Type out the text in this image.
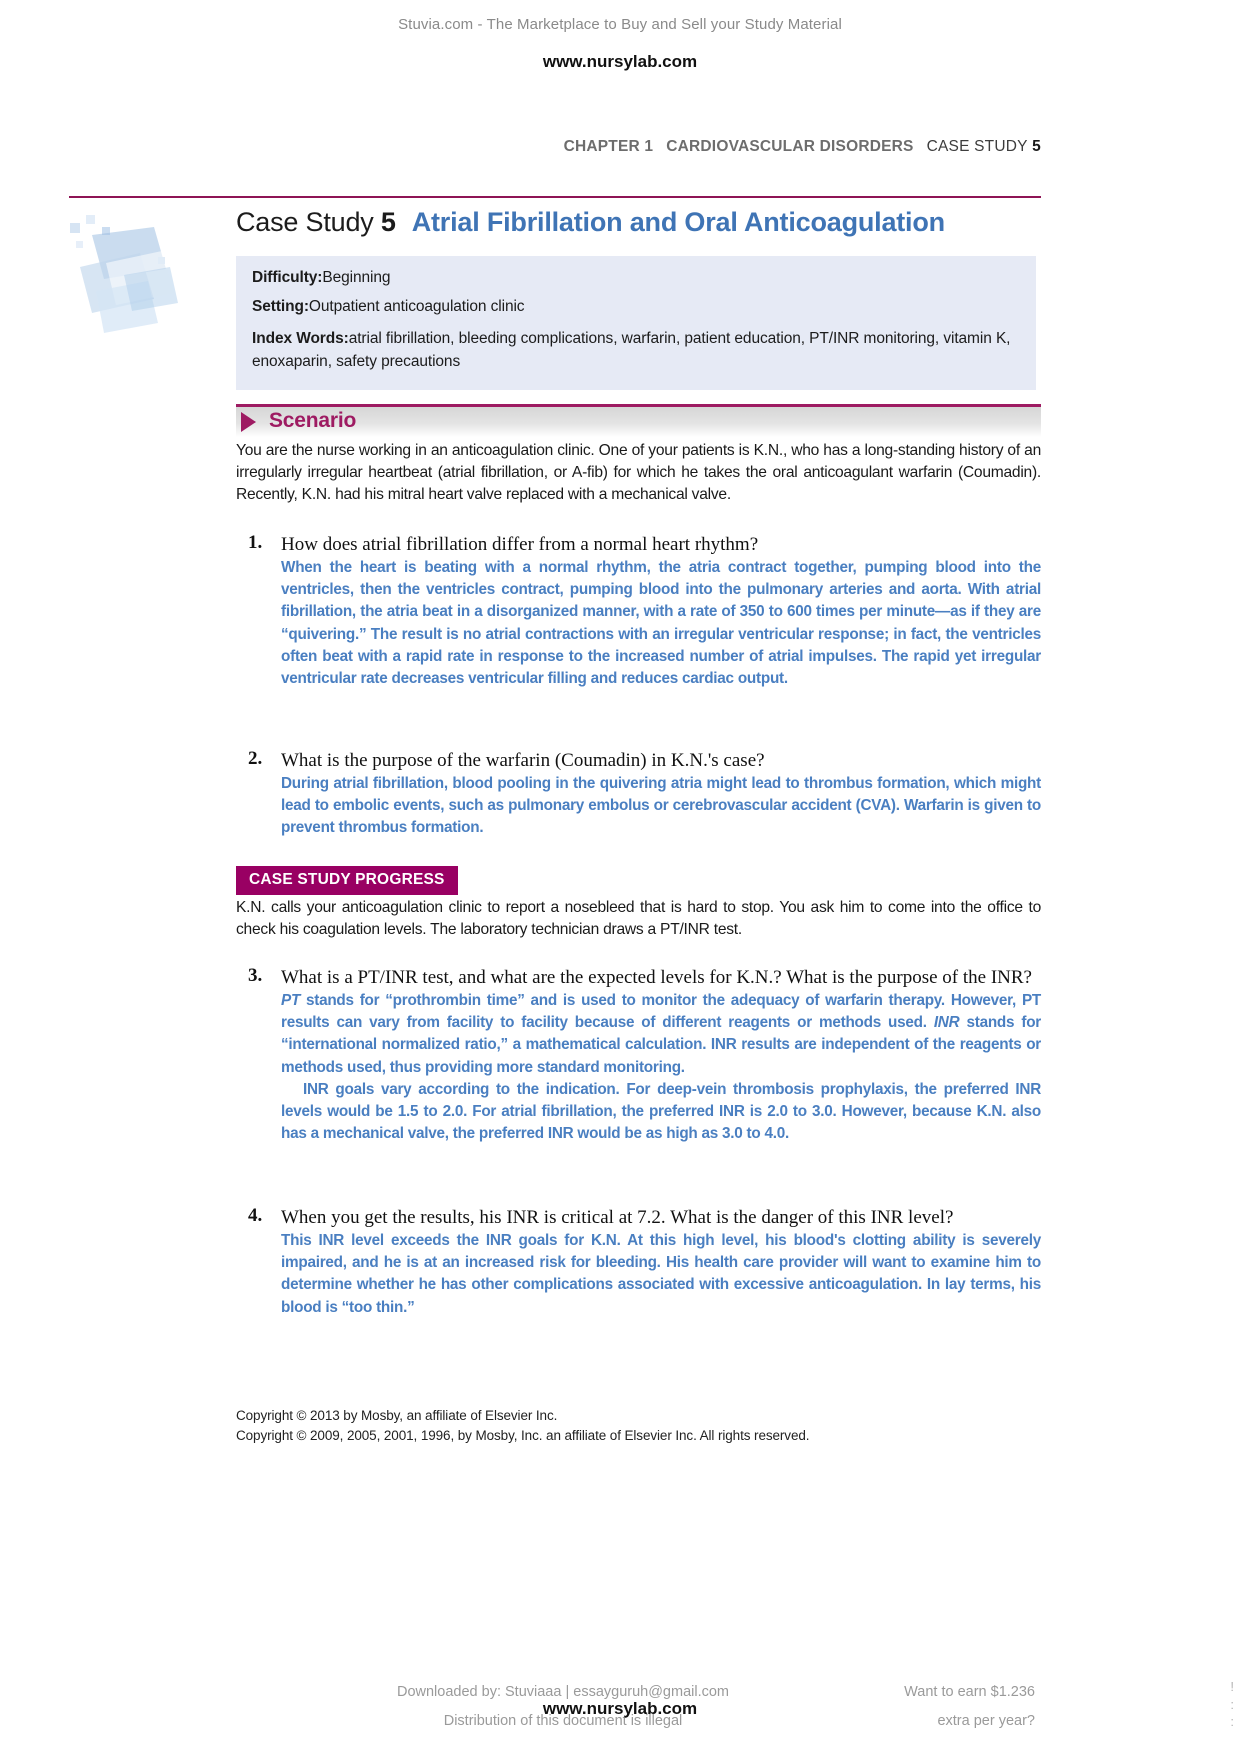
Stuvia.com - The Marketplace to Buy and Sell your Study Material
www.nursylab.com
CHAPTER 1 CARDIOVASCULAR DISORDERS CASE STUDY 5
Case Study 5 Atrial Fibrillation and Oral Anticoagulation
Difficulty:Beginning
Setting:Outpatient anticoagulation clinic
Index Words:atrial fibrillation, bleeding complications, warfarin, patient education, PT/INR monitoring, vitamin K, enoxaparin, safety precautions
Scenario
You are the nurse working in an anticoagulation clinic. One of your patients is K.N., who has a long-standing history of an irregularly irregular heartbeat (atrial fibrillation, or A-fib) for which he takes the oral anticoagulant warfarin (Coumadin). Recently, K.N. had his mitral heart valve replaced with a mechanical valve.
1. How does atrial fibrillation differ from a normal heart rhythm?
When the heart is beating with a normal rhythm, the atria contract together, pumping blood into the ventricles, then the ventricles contract, pumping blood into the pulmonary arteries and aorta. With atrial fibrillation, the atria beat in a disorganized manner, with a rate of 350 to 600 times per minute—as if they are “quivering.” The result is no atrial contractions with an irregular ventricular response; in fact, the ventricles often beat with a rapid rate in response to the increased number of atrial impulses. The rapid yet irregular ventricular rate decreases ventricular filling and reduces cardiac output.
2. What is the purpose of the warfarin (Coumadin) in K.N.'s case?
During atrial fibrillation, blood pooling in the quivering atria might lead to thrombus formation, which might lead to embolic events, such as pulmonary embolus or cerebrovascular accident (CVA). Warfarin is given to prevent thrombus formation.
CASE STUDY PROGRESS
K.N. calls your anticoagulation clinic to report a nosebleed that is hard to stop. You ask him to come into the office to check his coagulation levels. The laboratory technician draws a PT/INR test.
3. What is a PT/INR test, and what are the expected levels for K.N.? What is the purpose of the INR?
PT stands for “prothrombin time” and is used to monitor the adequacy of warfarin therapy. However, PT results can vary from facility to facility because of different reagents or methods used. INR stands for “international normalized ratio,” a mathematical calculation. INR results are independent of the reagents or methods used, thus providing more standard monitoring.
INR goals vary according to the indication. For deep-vein thrombosis prophylaxis, the preferred INR levels would be 1.5 to 2.0. For atrial fibrillation, the preferred INR is 2.0 to 3.0. However, because K.N. also has a mechanical valve, the preferred INR would be as high as 3.0 to 4.0.
4. When you get the results, his INR is critical at 7.2. What is the danger of this INR level?
This INR level exceeds the INR goals for K.N. At this high level, his blood's clotting ability is severely impaired, and he is at an increased risk for bleeding. His health care provider will want to examine him to determine whether he has other complications associated with excessive anticoagulation. In lay terms, his blood is “too thin.”
Copyright © 2013 by Mosby, an affiliate of Elsevier Inc.
Copyright © 2009, 2005, 2001, 1996, by Mosby, Inc. an affiliate of Elsevier Inc. All rights reserved.
Downloaded by: Stuviaaa | essayguruh@gmail.com
Distribution of this document is illegal
Want to earn $1.236
extra per year?
!
:
:
www.nursylab.com
